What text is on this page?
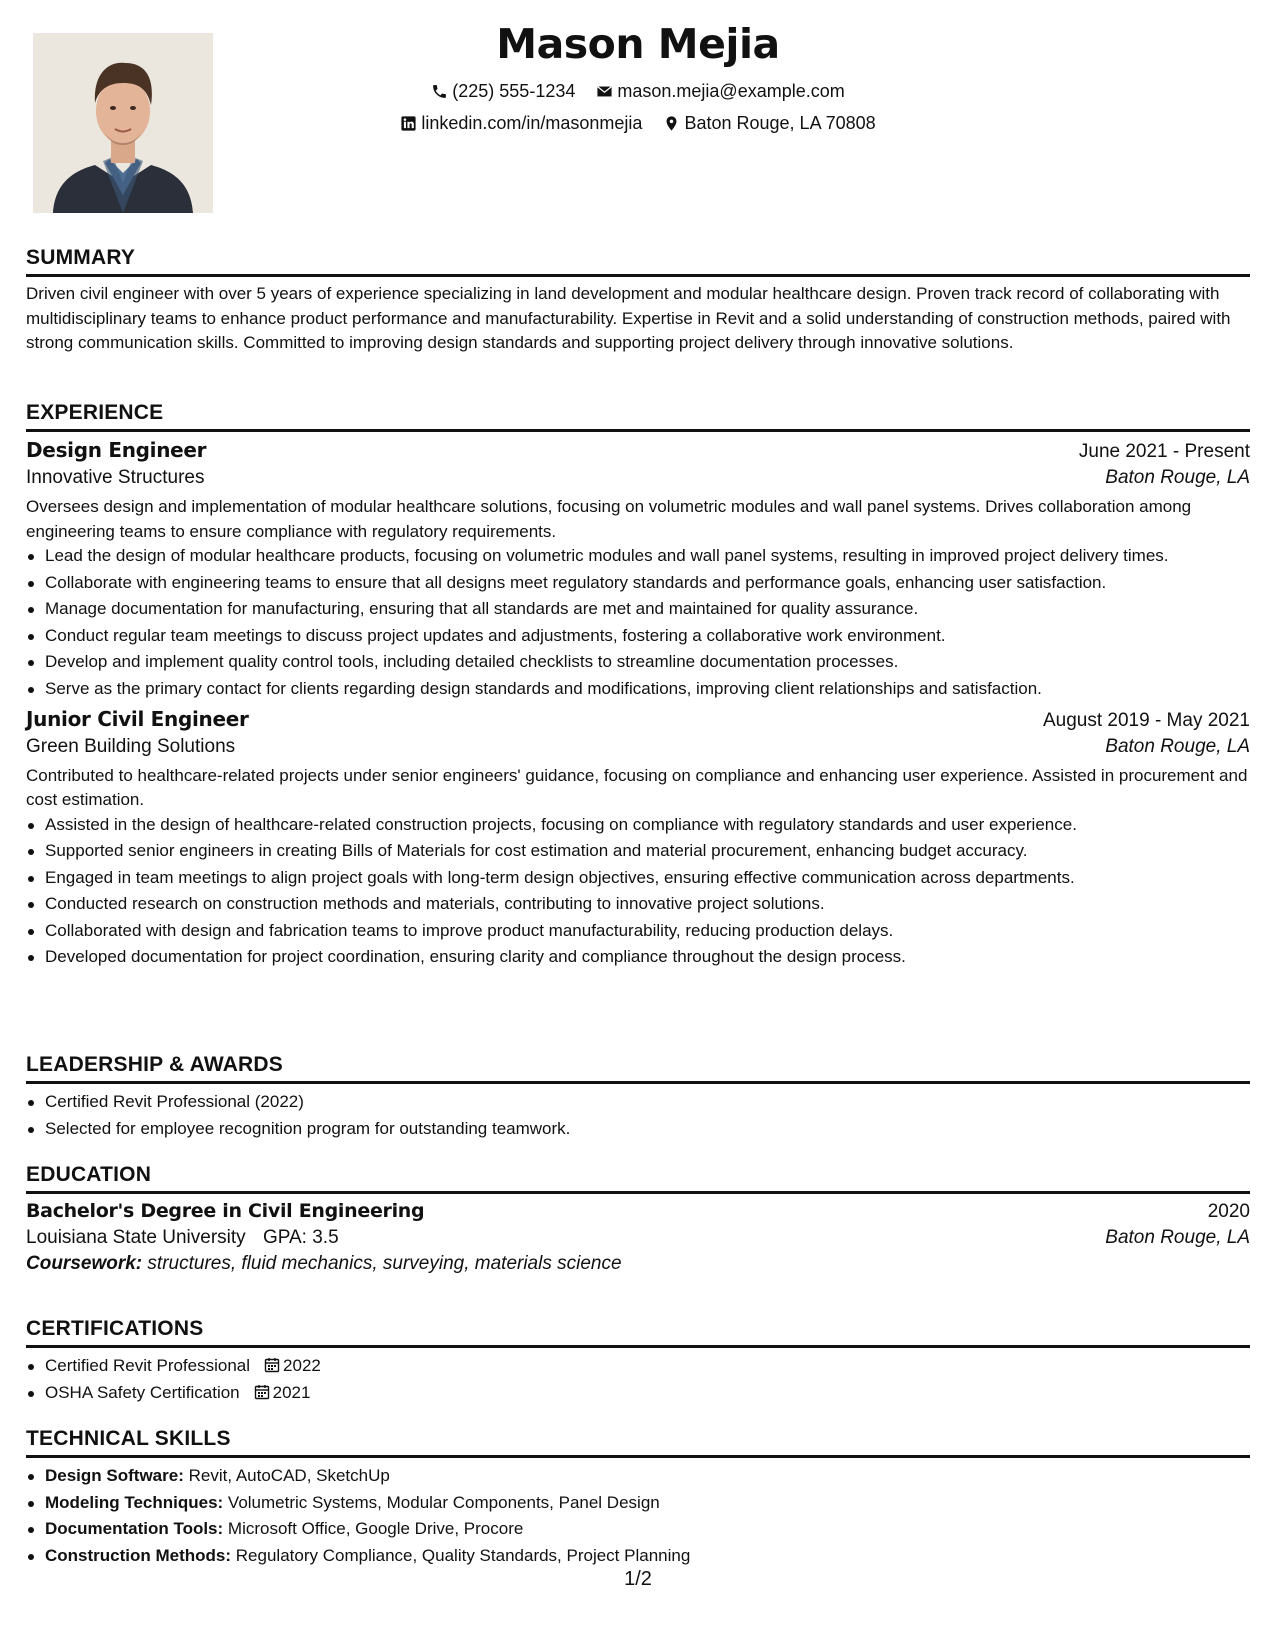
Mason Mejia
(225) 555-1234
mason.mejia@example.com
linkedin.com/in/masonmejia
Baton Rouge, LA 70808
SUMMARY
Driven civil engineer with over 5 years of experience specializing in land development and modular healthcare design. Proven track record of collaborating with multidisciplinary teams to enhance product performance and manufacturability. Expertise in Revit and a solid understanding of construction methods, paired with strong communication skills. Committed to improving design standards and supporting project delivery through innovative solutions.
EXPERIENCE
Design Engineer	June 2021 - Present
Innovative Structures	Baton Rouge, LA
Oversees design and implementation of modular healthcare solutions, focusing on volumetric modules and wall panel systems. Drives collaboration among engineering teams to ensure compliance with regulatory requirements.
Lead the design of modular healthcare products, focusing on volumetric modules and wall panel systems, resulting in improved project delivery times.
Collaborate with engineering teams to ensure that all designs meet regulatory standards and performance goals, enhancing user satisfaction.
Manage documentation for manufacturing, ensuring that all standards are met and maintained for quality assurance.
Conduct regular team meetings to discuss project updates and adjustments, fostering a collaborative work environment.
Develop and implement quality control tools, including detailed checklists to streamline documentation processes.
Serve as the primary contact for clients regarding design standards and modifications, improving client relationships and satisfaction.
Junior Civil Engineer	August 2019 - May 2021
Green Building Solutions	Baton Rouge, LA
Contributed to healthcare-related projects under senior engineers' guidance, focusing on compliance and enhancing user experience. Assisted in procurement and cost estimation.
Assisted in the design of healthcare-related construction projects, focusing on compliance with regulatory standards and user experience.
Supported senior engineers in creating Bills of Materials for cost estimation and material procurement, enhancing budget accuracy.
Engaged in team meetings to align project goals with long-term design objectives, ensuring effective communication across departments.
Conducted research on construction methods and materials, contributing to innovative project solutions.
Collaborated with design and fabrication teams to improve product manufacturability, reducing production delays.
Developed documentation for project coordination, ensuring clarity and compliance throughout the design process.
LEADERSHIP & AWARDS
Certified Revit Professional (2022)
Selected for employee recognition program for outstanding teamwork.
EDUCATION
Bachelor's Degree in Civil Engineering	2020
Louisiana State University GPA: 3.5	Baton Rouge, LA
Coursework: structures, fluid mechanics, surveying, materials science
CERTIFICATIONS
Certified Revit Professional 2022
OSHA Safety Certification 2021
TECHNICAL SKILLS
Design Software: Revit, AutoCAD, SketchUp
Modeling Techniques: Volumetric Systems, Modular Components, Panel Design
Documentation Tools: Microsoft Office, Google Drive, Procore
Construction Methods: Regulatory Compliance, Quality Standards, Project Planning
1/2
